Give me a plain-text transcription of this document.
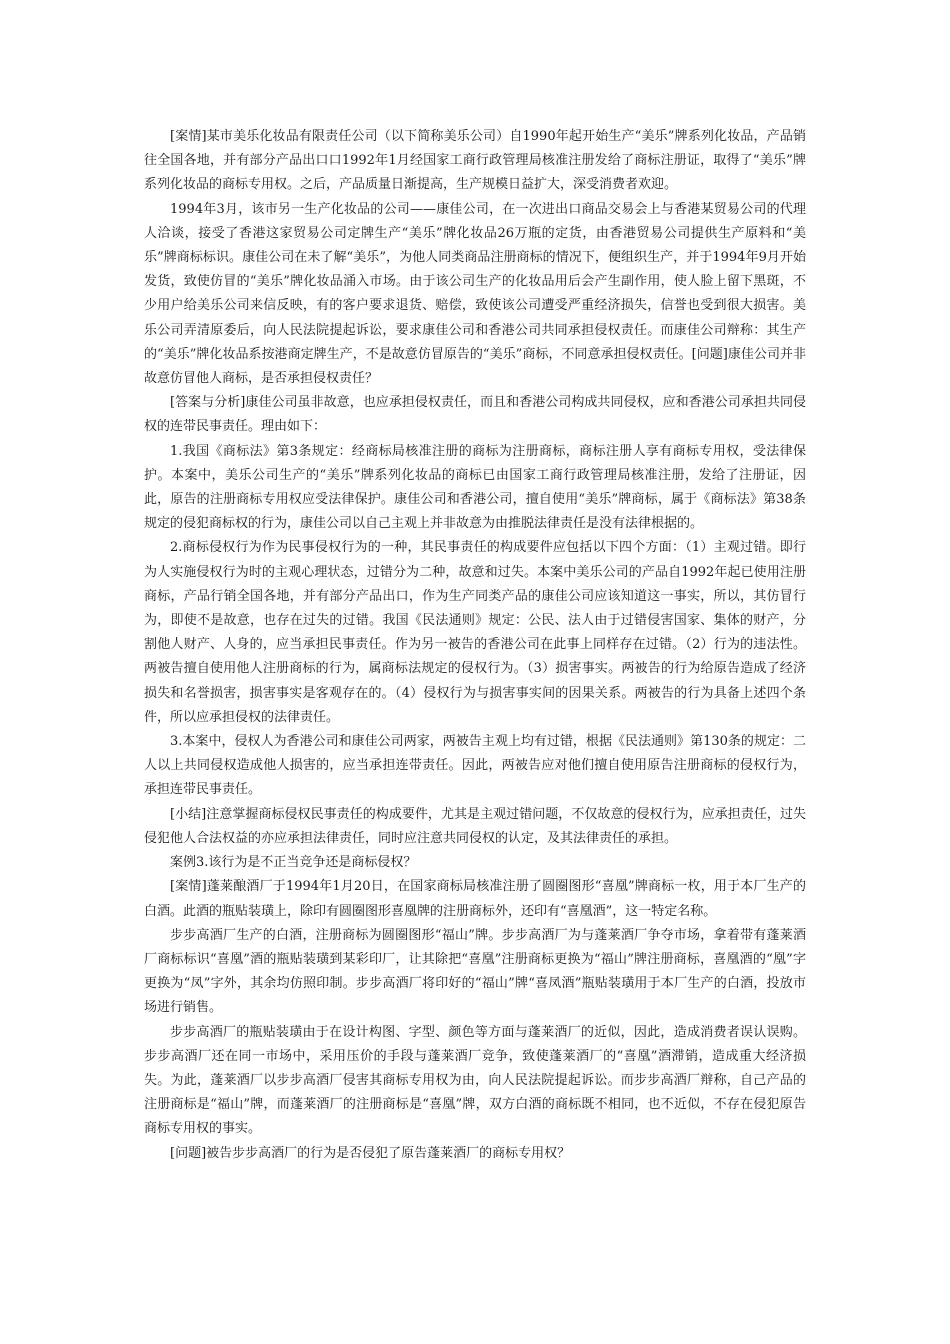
[案情]某市美乐化妆品有限责任公司（以下简称美乐公司）自1990年起开始生产“美乐”牌系列化妆品，产品销往全国各地，并有部分产品出口口1992年1月经国家工商行政管理局核准注册发给了商标注册证，取得了“美乐”牌系列化妆品的商标专用权。之后，产品质量日渐提高，生产规模日益扩大，深受消费者欢迎。

1994年3月，该市另一生产化妆品的公司——康佳公司，在一次进出口商品交易会上与香港某贸易公司的代理人洽谈，接受了香港这家贸易公司定牌生产“美乐”牌化妆品26万瓶的定货，由香港贸易公司提供生产原料和“美乐”牌商标标识。康佳公司在未了解“美乐”，为他人同类商品注册商标的情况下，便组织生产，并于1994年9月开始发货，致使仿冒的“美乐”牌化妆品涌入市场。由于该公司生产的化妆品用后会产生副作用，使人脸上留下黑斑，不少用户给美乐公司来信反映，有的客户要求退货、赔偿，致使该公司遭受严重经济损失，信誉也受到很大损害。美乐公司弄清原委后，向人民法院提起诉讼，要求康佳公司和香港公司共同承担侵权责任。而康佳公司辩称：其生产的“美乐”牌化妆品系按港商定牌生产，不是故意仿冒原告的“美乐”商标，不同意承担侵权责任。[问题]康佳公司并非故意仿冒他人商标，是否承担侵权责任？

[答案与分析]康佳公司虽非故意，也应承担侵权责任，而且和香港公司构成共同侵权，应和香港公司承担共同侵权的连带民事责任。理由如下：

1.我国《商标法》第3条规定：经商标局核准注册的商标为注册商标，商标注册人享有商标专用权，受法律保护。本案中，美乐公司生产的“美乐”牌系列化妆品的商标已由国家工商行政管理局核准注册，发给了注册证，因此，原告的注册商标专用权应受法律保护。康佳公司和香港公司，擅自使用“美乐”牌商标，属于《商标法》第38条规定的侵犯商标权的行为，康佳公司以自己主观上并非故意为由推脱法律责任是没有法律根据的。

2.商标侵权行为作为民事侵权行为的一种，其民事责任的构成要件应包括以下四个方面：（1）主观过错。即行为人实施侵权行为时的主观心理状态，过错分为二种，故意和过失。本案中美乐公司的产品自1992年起已使用注册商标，产品行销全国各地，并有部分产品出口，作为生产同类产品的康佳公司应该知道这一事实，所以，其仿冒行为，即使不是故意，也存在过失的过错。我国《民法通则》规定：公民、法人由于过错侵害国家、集体的财产，分割他人财产、人身的，应当承担民事责任。作为另一被告的香港公司在此事上同样存在过错。（2）行为的违法性。两被告擅自使用他人注册商标的行为，属商标法规定的侵权行为。（3）损害事实。两被告的行为给原告造成了经济损失和名誉损害，损害事实是客观存在的。（4）侵权行为与损害事实间的因果关系。两被告的行为具备上述四个条件，所以应承担侵权的法律责任。

3.本案中，侵权人为香港公司和康佳公司两家，两被告主观上均有过错，根据《民法通则》第130条的规定：二人以上共同侵权造成他人损害的，应当承担连带责任。因此，两被告应对他们擅自使用原告注册商标的侵权行为，承担连带民事责任。

[小结]注意掌握商标侵权民事责任的构成要件，尤其是主观过错问题，不仅故意的侵权行为，应承担责任，过失侵犯他人合法权益的亦应承担法律责任，同时应注意共同侵权的认定，及其法律责任的承担。

案例3.该行为是不正当竞争还是商标侵权？

[案情]蓬莱酿酒厂于1994年1月20日，在国家商标局核准注册了圆圈图形“喜凰”牌商标一枚，用于本厂生产的白酒。此酒的瓶贴装璜上，除印有圆圈图形喜凰牌的注册商标外，还印有“喜凰酒”，这一特定名称。

步步高酒厂生产的白酒，注册商标为圆圈图形“福山”牌。步步高酒厂为与蓬莱酒厂争夺市场，拿着带有蓬莱酒厂商标标识“喜凰”酒的瓶贴装璜到某彩印厂，让其除把“喜凰”注册商标更换为“福山”牌注册商标，喜凰酒的“凰”字更换为“凤”字外，其余均仿照印制。步步高酒厂将印好的“福山”牌“喜凤酒”瓶贴装璜用于本厂生产的白酒，投放市场进行销售。

步步高酒厂的瓶贴装璜由于在设计构图、字型、颜色等方面与蓬莱酒厂的近似，因此，造成消费者误认误购。步步高酒厂还在同一市场中，采用压价的手段与蓬莱酒厂竞争，致使蓬莱酒厂的“喜凰”酒滞销，造成重大经济损失。为此，蓬莱酒厂以步步高酒厂侵害其商标专用权为由，向人民法院提起诉讼。而步步高酒厂辩称，自己产品的注册商标是“福山”牌，而蓬莱酒厂的注册商标是“喜凰”牌，双方白酒的商标既不相同，也不近似，不存在侵犯原告商标专用权的事实。

[问题]被告步步高酒厂的行为是否侵犯了原告蓬莱酒厂的商标专用权？
